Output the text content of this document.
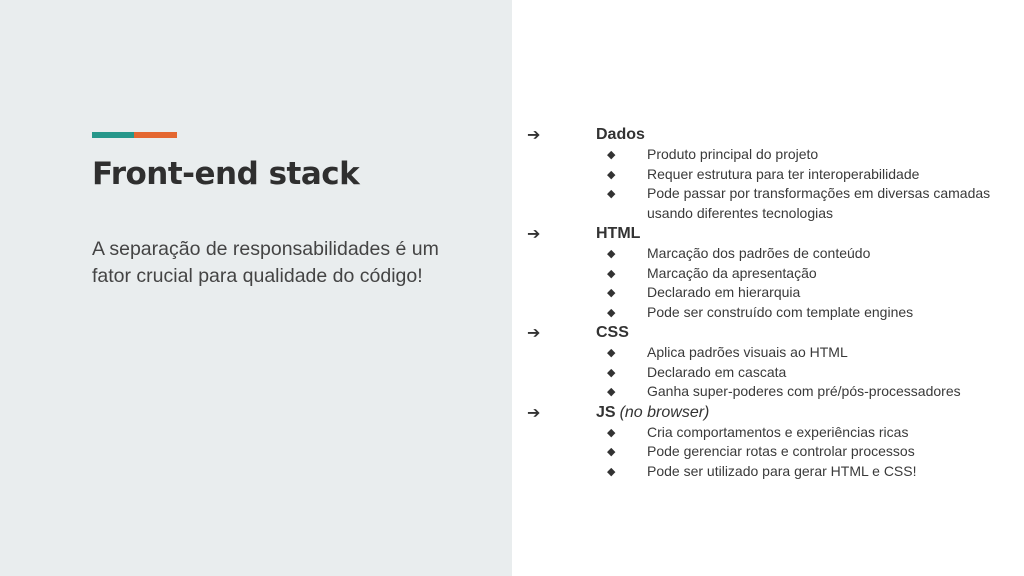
Front-end stack

A separação de responsabilidades é um fator crucial para qualidade do código!

➔	Dados
◆ Produto principal do projeto
◆ Requer estrutura para ter interoperabilidade
◆ Pode passar por transformações em diversas camadas usando diferentes tecnologias
➔	HTML
◆ Marcação dos padrões de conteúdo
◆ Marcação da apresentação
◆ Declarado em hierarquia
◆ Pode ser construído com template engines
➔	CSS
◆ Aplica padrões visuais ao HTML
◆ Declarado em cascata
◆ Ganha super-poderes com pré/pós-processadores
➔	JS (no browser)
◆ Cria comportamentos e experiências ricas
◆ Pode gerenciar rotas e controlar processos
◆ Pode ser utilizado para gerar HTML e CSS!
